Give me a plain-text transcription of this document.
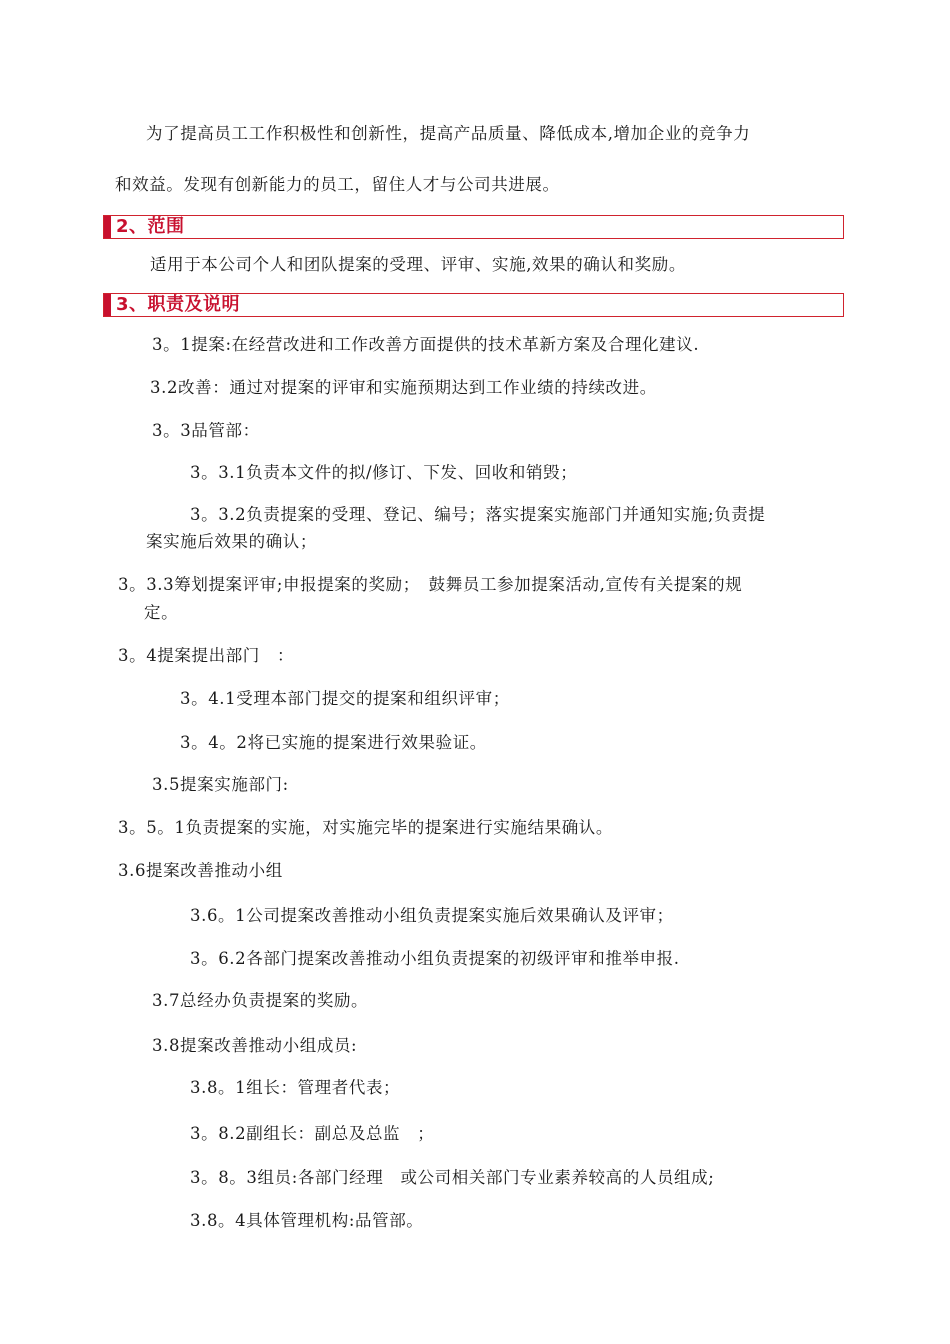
为了提高员工工作积极性和创新性，提高产品质量、降低成本,增加企业的竞争力
和效益。发现有创新能力的员工，留住人才与公司共进展。
2、范围
适用于本公司个人和团队提案的受理、评审、实施,效果的确认和奖励。
3、职责及说明
3。1提案:在经营改进和工作改善方面提供的技术革新方案及合理化建议.
3.2改善：通过对提案的评审和实施预期达到工作业绩的持续改进。
3。3品管部：
3。3.1负责本文件的拟/修订、下发、回收和销毁；
3。3.2负责提案的受理、登记、编号；落实提案实施部门并通知实施;负责提
案实施后效果的确认；
3。3.3筹划提案评审;申报提案的奖励；　鼓舞员工参加提案活动,宣传有关提案的规
定。
3。4提案提出部门　：
3。4.1受理本部门提交的提案和组织评审；
3。4。2将已实施的提案进行效果验证。
3.5提案实施部门:
3。5。1负责提案的实施，对实施完毕的提案进行实施结果确认。
3.6提案改善推动小组
3.6。1公司提案改善推动小组负责提案实施后效果确认及评审；
3。6.2各部门提案改善推动小组负责提案的初级评审和推举申报.
3.7总经办负责提案的奖励。
3.8提案改善推动小组成员:
3.8。1组长：管理者代表；
3。8.2副组长：副总及总监　；
3。8。3组员:各部门经理　或公司相关部门专业素养较高的人员组成;
3.8。4具体管理机构:品管部。
